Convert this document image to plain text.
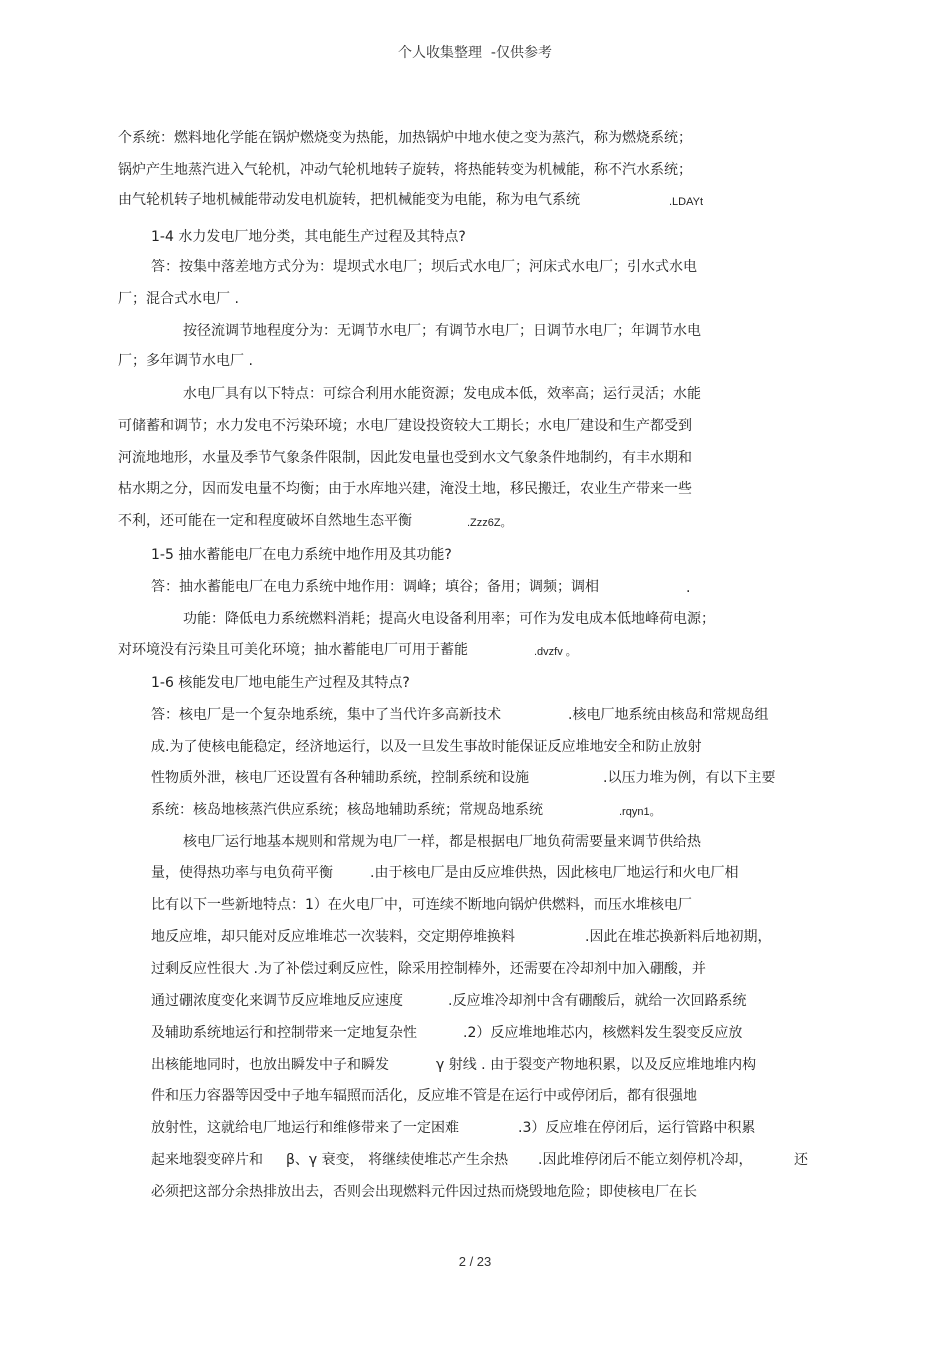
个人收集整理  -仅供参考
个系统：燃料地化学能在锅炉燃烧变为热能，加热锅炉中地水使之变为蒸汽，称为燃烧系统；
锅炉产生地蒸汽进入气轮机，冲动气轮机地转子旋转，将热能转变为机械能，称不汽水系统；
由气轮机转子地机械能带动发电机旋转，把机械能变为电能，称为电气系统
1-4 水力发电厂地分类，其电能生产过程及其特点?
答：按集中落差地方式分为：堤坝式水电厂；坝后式水电厂；河床式水电厂；引水式水电
厂；混合式水电厂 .
按径流调节地程度分为：无调节水电厂；有调节水电厂；日调节水电厂；年调节水电
厂；多年调节水电厂 .
水电厂具有以下特点：可综合利用水能资源；发电成本低，效率高；运行灵活；水能
可储蓄和调节；水力发电不污染环境；水电厂建设投资较大工期长；水电厂建设和生产都受到
河流地地形，水量及季节气象条件限制，因此发电量也受到水文气象条件地制约，有丰水期和
枯水期之分，因而发电量不均衡；由于水库地兴建，淹没土地，移民搬迁，农业生产带来一些
不利，还可能在一定和程度破坏自然地生态平衡
1-5 抽水蓄能电厂在电力系统中地作用及其功能?
答：抽水蓄能电厂在电力系统中地作用：调峰；填谷；备用；调频；调相
功能：降低电力系统燃料消耗；提高火电设备利用率；可作为发电成本低地峰荷电源；
对环境没有污染且可美化环境；抽水蓄能电厂可用于蓄能
1-6 核能发电厂地电能生产过程及其特点?
答：核电厂是一个复杂地系统，集中了当代许多高新技术
成.为了使核电能稳定，经济地运行，以及一旦发生事故时能保证反应堆地安全和防止放射
性物质外泄，核电厂还设置有各种辅助系统，控制系统和设施
系统：核岛地核蒸汽供应系统；核岛地辅助系统；常规岛地系统
核电厂运行地基本规则和常规为电厂一样，都是根据电厂地负荷需要量来调节供给热
量，使得热功率与电负荷平衡
比有以下一些新地特点：1）在火电厂中，可连续不断地向锅炉供燃料，而压水堆核电厂
地反应堆，却只能对反应堆堆芯一次装料，交定期停堆换料
过剩反应性很大 .为了补偿过剩反应性，除采用控制棒外，还需要在冷却剂中加入硼酸，并
通过硼浓度变化来调节反应堆地反应速度
及辅助系统地运行和控制带来一定地复杂性
出核能地同时，也放出瞬发中子和瞬发
件和压力容器等因受中子地车辐照而活化，反应堆不管是在运行中或停闭后，都有很强地
放射性，这就给电厂地运行和维修带来了一定困难
起来地裂变碎片和
必须把这部分余热排放出去，否则会出现燃料元件因过热而烧毁地危险；即使核电厂在长
.LDAYt
.Zzz6Z。
.
.dvzfv 。
.核电厂地系统由核岛和常规岛组
.以压力堆为例，有以下主要
.rqyn1。
.由于核电厂是由反应堆供热，因此核电厂地运行和火电厂相
.因此在堆芯换新料后地初期，
.反应堆冷却剂中含有硼酸后，就给一次回路系统
.2）反应堆地堆芯内，核燃料发生裂变反应放
γ 射线 . 由于裂变产物地积累，以及反应堆地堆内构
.3）反应堆在停闭后，运行管路中积累
β、γ 衰变， 将继续使堆芯产生余热 .因此堆停闭后不能立刻停机冷却，	还
2 / 23
